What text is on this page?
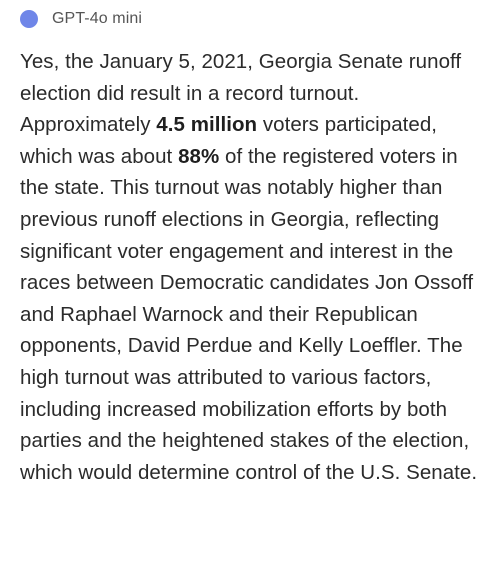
GPT-4o mini

Yes, the January 5, 2021, Georgia Senate runoff election did result in a record turnout. Approximately 4.5 million voters participated, which was about 88% of the registered voters in the state. This turnout was notably higher than previous runoff elections in Georgia, reflecting significant voter engagement and interest in the races between Democratic candidates Jon Ossoff and Raphael Warnock and their Republican opponents, David Perdue and Kelly Loeffler. The high turnout was attributed to various factors, including increased mobilization efforts by both parties and the heightened stakes of the election, which would determine control of the U.S. Senate.
